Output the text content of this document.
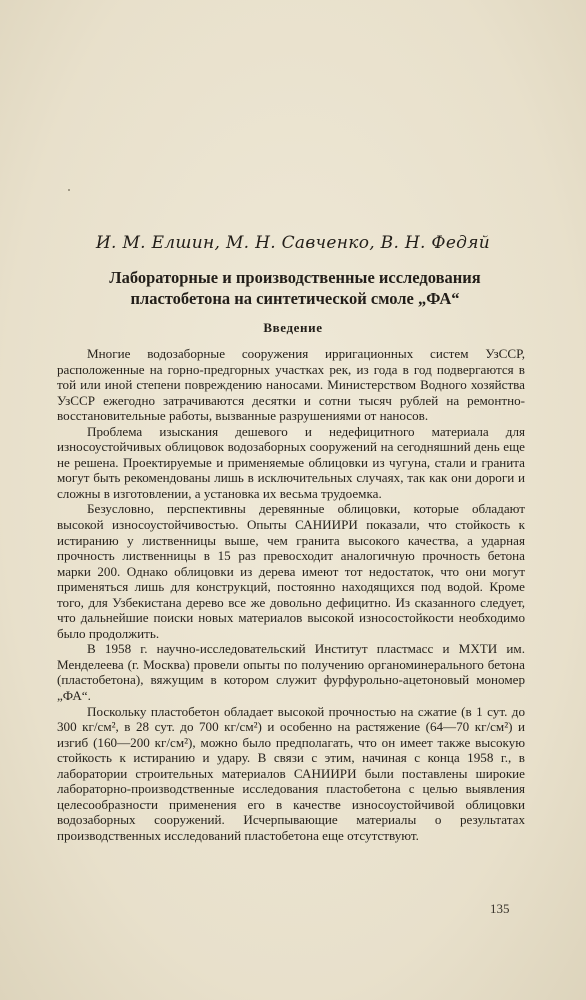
И. М. Елшин, М. Н. Савченко, В. Н. Федяй
Лабораторные и производственные исследования пластобетона на синтетической смоле „ФА“
Введение

Многие водозаборные сооружения ирригационных систем УзССР, расположенные на горно-предгорных участках рек, из года в год подвергаются в той или иной степени повреждению наносами. Министерством Водного хозяйства УзССР ежегодно затрачиваются десятки и сотни тысяч рублей на ремонтно-восстановительные работы, вызванные разрушениями от наносов.

Проблема изыскания дешевого и недефицитного материала для износоустойчивых облицовок водозаборных сооружений на сегодняшний день еще не решена. Проектируемые и применяемые облицовки из чугуна, стали и гранита могут быть рекомендованы лишь в исключительных случаях, так как они дороги и сложны в изготовлении, а установка их весьма трудоемка.

Безусловно, перспективны деревянные облицовки, которые обладают высокой износоустойчивостью. Опыты САНИИРИ показали, что стойкость к истиранию у лиственницы выше, чем гранита высокого качества, а ударная прочность лиственницы в 15 раз превосходит аналогичную прочность бетона марки 200. Однако облицовки из дерева имеют тот недостаток, что они могут применяться лишь для конструкций, постоянно находящихся под водой. Кроме того, для Узбекистана дерево все же довольно дефицитно. Из сказанного следует, что дальнейшие поиски новых материалов высокой износостойкости необходимо было продолжить.

В 1958 г. научно-исследовательский Институт пластмасс и МХТИ им. Менделеева (г. Москва) провели опыты по получению органоминерального бетона (пластобетона), вяжущим в котором служит фурфурольно-ацетоновый мономер „ФА“.

Поскольку пластобетон обладает высокой прочностью на сжатие (в 1 сут. до 300 кг/см², в 28 сут. до 700 кг/см²) и особенно на растяжение (64—70 кг/см²) и изгиб (160—200 кг/см²), можно было предполагать, что он имеет также высокую стойкость к истиранию и удару. В связи с этим, начиная с конца 1958 г., в лаборатории строительных материалов САНИИРИ были поставлены широкие лабораторно-производственные исследования пластобетона с целью выявления целесообразности применения его в качестве износоустойчивой облицовки водозаборных сооружений. Исчерпывающие материалы о результатах производственных исследований пластобетона еще отсутствуют.

135
